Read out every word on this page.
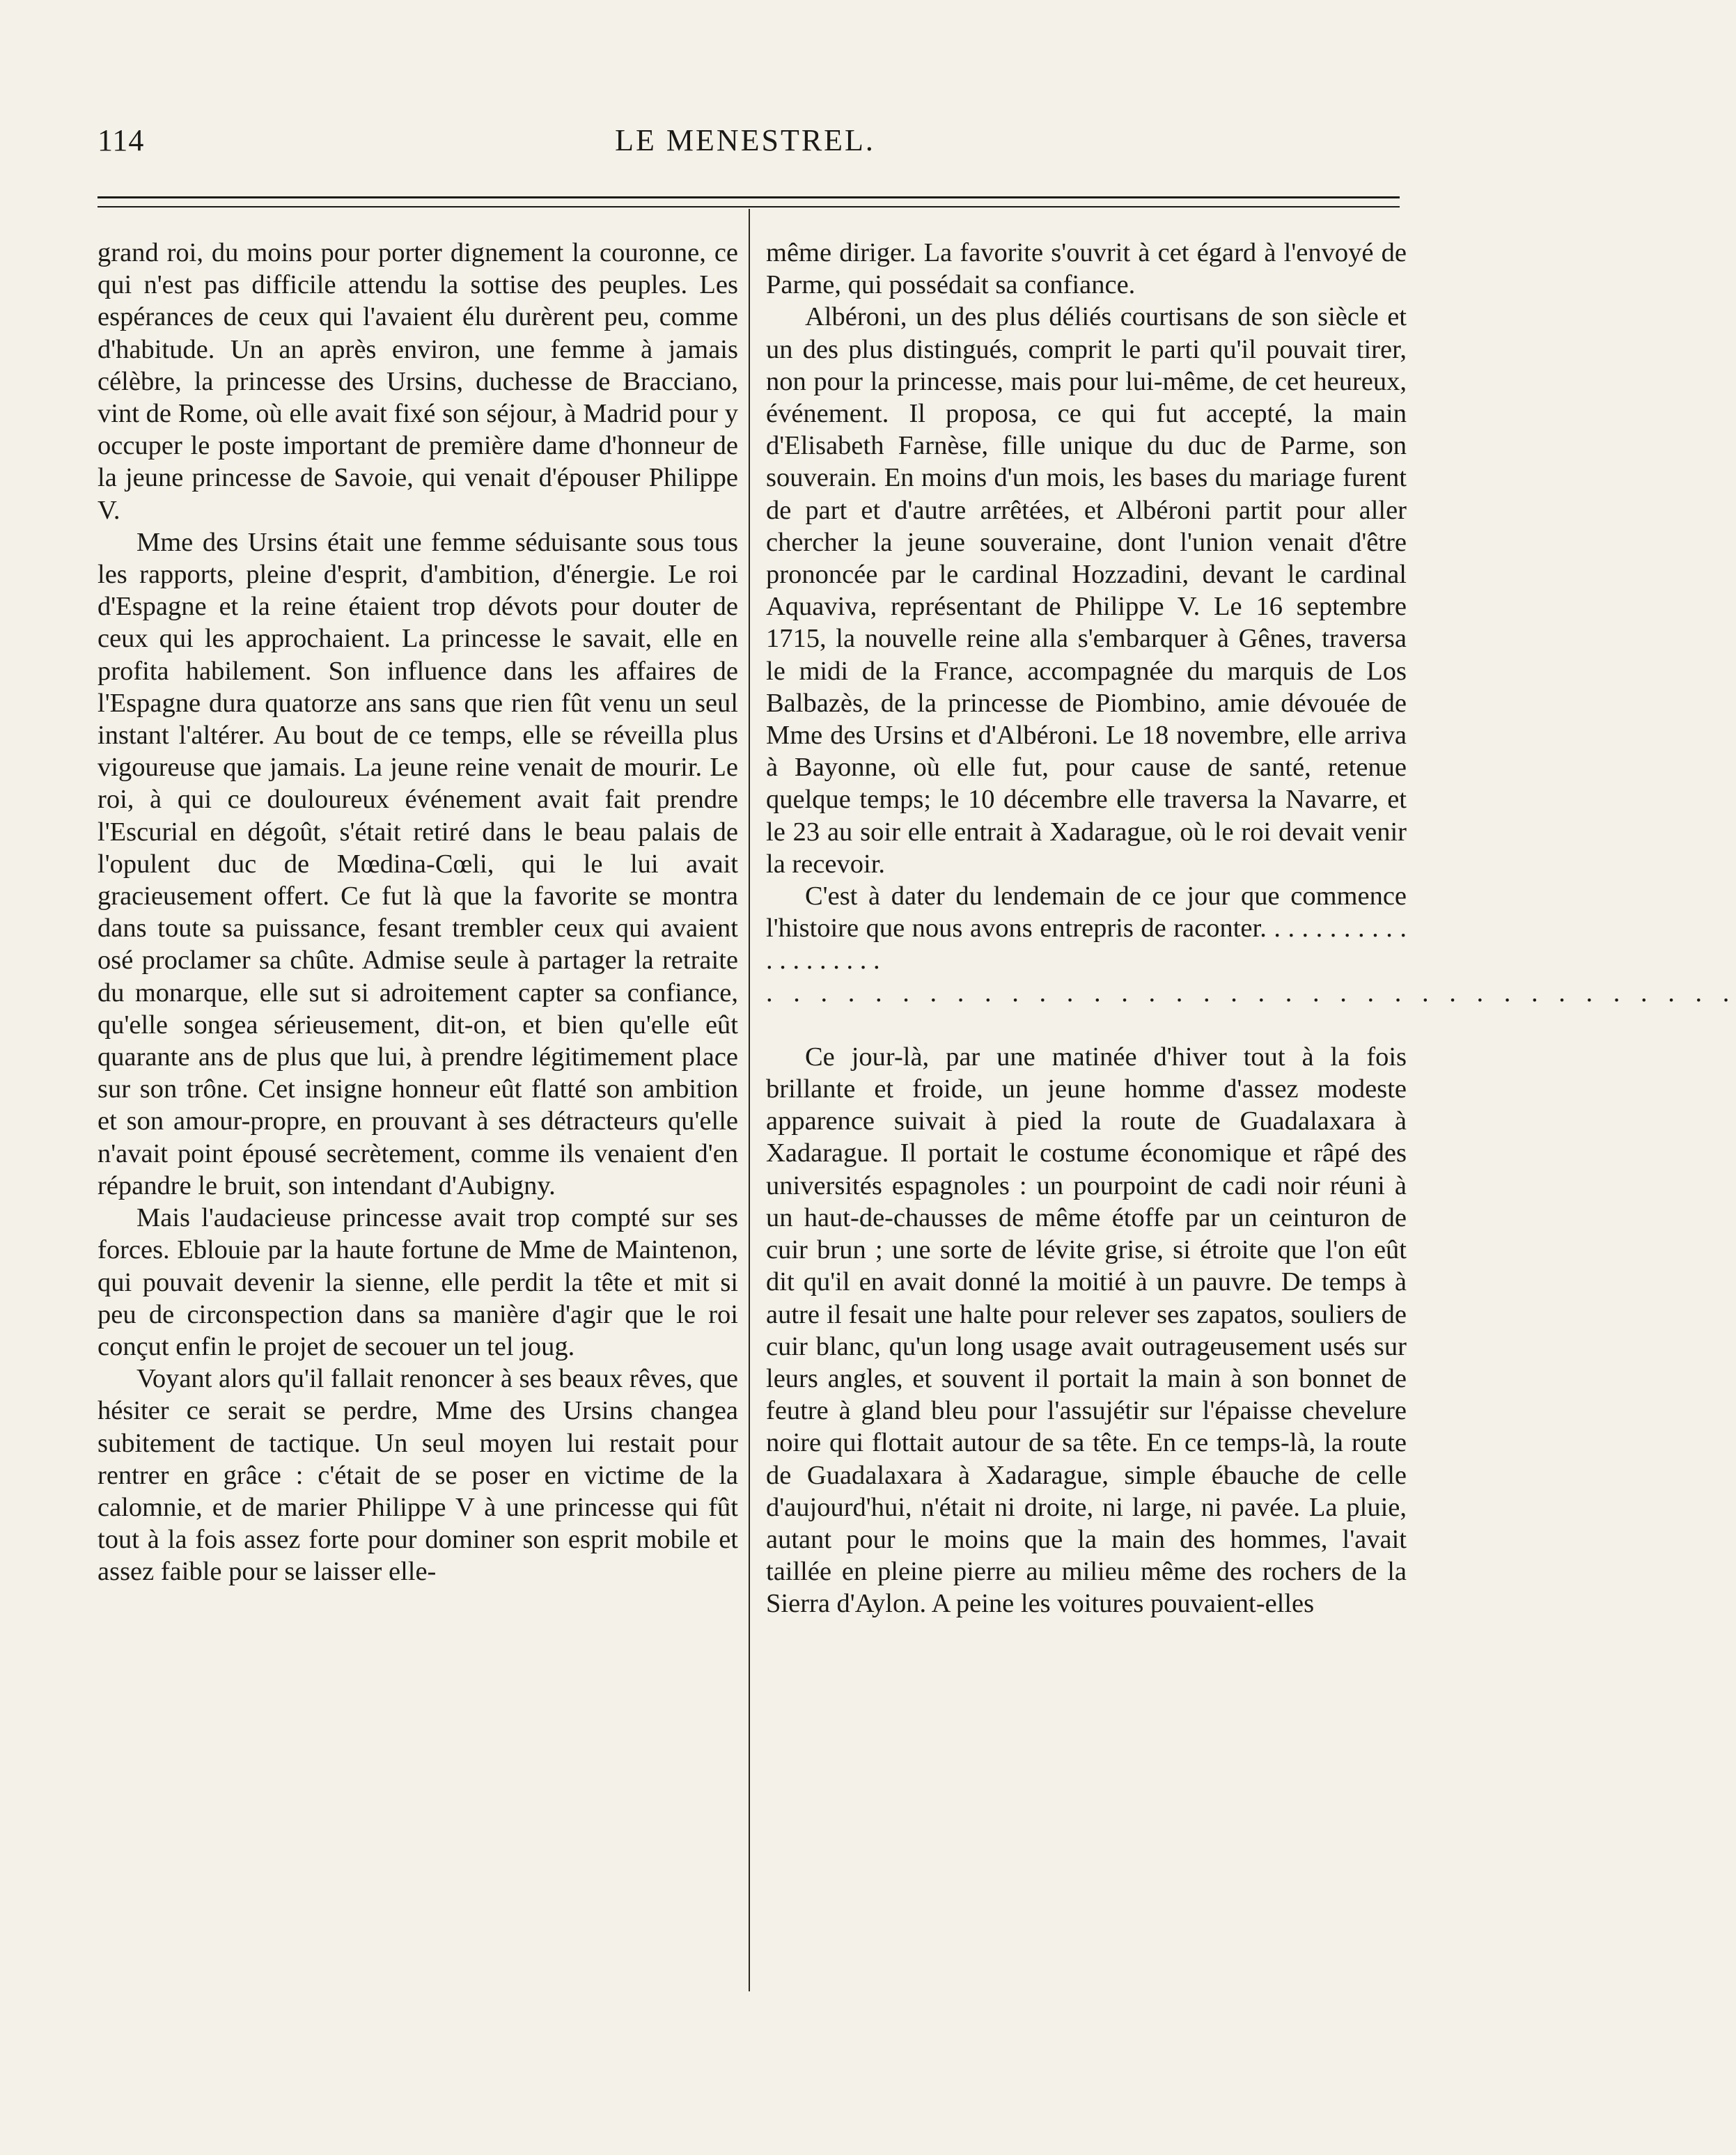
114	LE MENESTREL.

grand roi, du moins pour porter dignement la couronne, ce qui n'est pas difficile attendu la sottise des peuples. Les espérances de ceux qui l'avaient élu durèrent peu, comme d'habitude. Un an après environ, une femme à jamais célèbre, la princesse des Ursins, duchesse de Bracciano, vint de Rome, où elle avait fixé son séjour, à Madrid pour y occuper le poste important de première dame d'honneur de la jeune princesse de Savoie, qui venait d'épouser Philippe V.

Mme des Ursins était une femme séduisante sous tous les rapports, pleine d'esprit, d'ambition, d'énergie. Le roi d'Espagne et la reine étaient trop dévots pour douter de ceux qui les approchaient. La princesse le savait, elle en profita habilement. Son influence dans les affaires de l'Espagne dura quatorze ans sans que rien fût venu un seul instant l'altérer. Au bout de ce temps, elle se réveilla plus vigoureuse que jamais. La jeune reine venait de mourir. Le roi, à qui ce douloureux événement avait fait prendre l'Escurial en dégoût, s'était retiré dans le beau palais de l'opulent duc de Mœdina-Cœli, qui le lui avait gracieusement offert. Ce fut là que la favorite se montra dans toute sa puissance, fesant trembler ceux qui avaient osé proclamer sa chûte. Admise seule à partager la retraite du monarque, elle sut si adroitement capter sa confiance, qu'elle songea sérieusement, dit-on, et bien qu'elle eût quarante ans de plus que lui, à prendre légitimement place sur son trône. Cet insigne honneur eût flatté son ambition et son amour-propre, en prouvant à ses détracteurs qu'elle n'avait point épousé secrètement, comme ils venaient d'en répandre le bruit, son intendant d'Aubigny.

Mais l'audacieuse princesse avait trop compté sur ses forces. Eblouie par la haute fortune de Mme de Maintenon, qui pouvait devenir la sienne, elle perdit la tête et mit si peu de circonspection dans sa manière d'agir que le roi conçut enfin le projet de secouer un tel joug.

Voyant alors qu'il fallait renoncer à ses beaux rêves, que hésiter ce serait se perdre, Mme des Ursins changea subitement de tactique. Un seul moyen lui restait pour rentrer en grâce : c'était de se poser en victime de la calomnie, et de marier Philippe V à une princesse qui fût tout à la fois assez forte pour dominer son esprit mobile et assez faible pour se laisser elle-

même diriger. La favorite s'ouvrit à cet égard à l'envoyé de Parme, qui possédait sa confiance.

Albéroni, un des plus déliés courtisans de son siècle et un des plus distingués, comprit le parti qu'il pouvait tirer, non pour la princesse, mais pour lui-même, de cet heureux, événement. Il proposa, ce qui fut accepté, la main d'Elisabeth Farnèse, fille unique du duc de Parme, son souverain. En moins d'un mois, les bases du mariage furent de part et d'autre arrêtées, et Albéroni partit pour aller chercher la jeune souveraine, dont l'union venait d'être prononcée par le cardinal Hozzadini, devant le cardinal Aquaviva, représentant de Philippe V. Le 16 septembre 1715, la nouvelle reine alla s'embarquer à Gênes, traversa le midi de la France, accompagnée du marquis de Los Balbazès, de la princesse de Piombino, amie dévouée de Mme des Ursins et d'Albéroni. Le 18 novembre, elle arriva à Bayonne, où elle fut, pour cause de santé, retenue quelque temps; le 10 décembre elle traversa la Navarre, et le 23 au soir elle entrait à Xadarague, où le roi devait venir la recevoir.

C'est à dater du lendemain de ce jour que commence l'histoire que nous avons entrepris de raconter. . . . . . . . . . . . . . . . . . . .

. . . . . . . . . . . . . . . . . . . . . . . . . . . . . . . . . . . .

Ce jour-là, par une matinée d'hiver tout à la fois brillante et froide, un jeune homme d'assez modeste apparence suivait à pied la route de Guadalaxara à Xadarague. Il portait le costume économique et râpé des universités espagnoles : un pourpoint de cadi noir réuni à un haut-de-chausses de même étoffe par un ceinturon de cuir brun ; une sorte de lévite grise, si étroite que l'on eût dit qu'il en avait donné la moitié à un pauvre. De temps à autre il fesait une halte pour relever ses zapatos, souliers de cuir blanc, qu'un long usage avait outrageusement usés sur leurs angles, et souvent il portait la main à son bonnet de feutre à gland bleu pour l'assujétir sur l'épaisse chevelure noire qui flottait autour de sa tête. En ce temps-là, la route de Guadalaxara à Xadarague, simple ébauche de celle d'aujourd'hui, n'était ni droite, ni large, ni pavée. La pluie, autant pour le moins que la main des hommes, l'avait taillée en pleine pierre au milieu même des rochers de la Sierra d'Aylon. A peine les voitures pouvaient-elles
